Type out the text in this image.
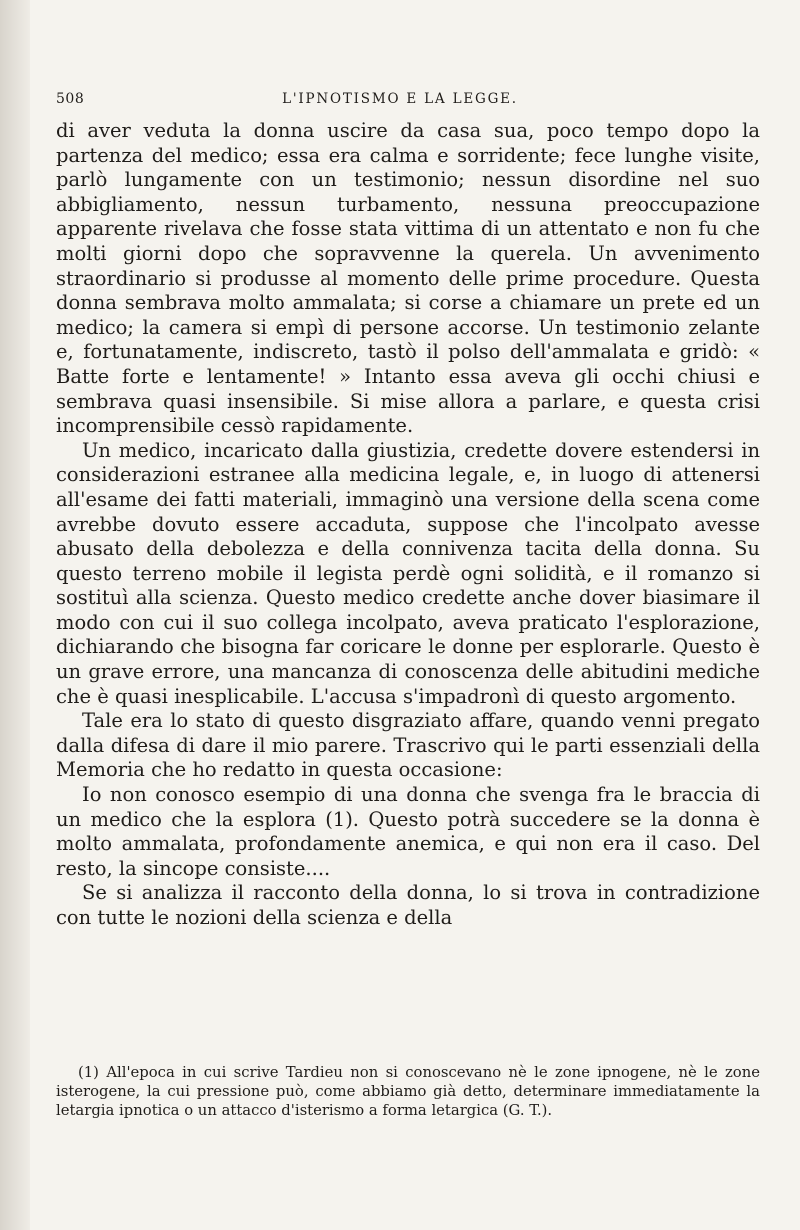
508	L'IPNOTISMO E LA LEGGE.

di aver veduta la donna uscire da casa sua, poco tempo dopo la partenza del medico; essa era calma e sorridente; fece lunghe visite, parlò lungamente con un testimonio; nessun disordine nel suo abbigliamento, nessun turbamento, nessuna preoccupazione apparente rivelava che fosse stata vittima di un attentato e non fu che molti giorni dopo che sopravvenne la querela. Un avvenimento straordinario si produsse al momento delle prime procedure. Questa donna sembrava molto ammalata; si corse a chiamare un prete ed un medico; la camera si empì di persone accorse. Un testimonio zelante e, fortunatamente, indiscreto, tastò il polso dell'ammalata e gridò: « Batte forte e lentamente! » Intanto essa aveva gli occhi chiusi e sembrava quasi insensibile. Si mise allora a parlare, e questa crisi incomprensibile cessò rapidamente.

Un medico, incaricato dalla giustizia, credette dovere estendersi in considerazioni estranee alla medicina legale, e, in luogo di attenersi all'esame dei fatti materiali, immaginò una versione della scena come avrebbe dovuto essere accaduta, suppose che l'incolpato avesse abusato della debolezza e della connivenza tacita della donna. Su questo terreno mobile il legista perdè ogni solidità, e il romanzo si sostituì alla scienza. Questo medico credette anche dover biasimare il modo con cui il suo collega incolpato, aveva praticato l'esplorazione, dichiarando che bisogna far coricare le donne per esplorarle. Questo è un grave errore, una mancanza di conoscenza delle abitudini mediche che è quasi inesplicabile. L'accusa s'impadronì di questo argomento.

Tale era lo stato di questo disgraziato affare, quando venni pregato dalla difesa di dare il mio parere. Trascrivo qui le parti essenziali della Memoria che ho redatto in questa occasione:

Io non conosco esempio di una donna che svenga fra le braccia di un medico che la esplora (1). Questo potrà succedere se la donna è molto ammalata, profondamente anemica, e qui non era il caso. Del resto, la sincope consiste....

Se si analizza il racconto della donna, lo si trova in contradizione con tutte le nozioni della scienza e della

(1) All'epoca in cui scrive Tardieu non si conoscevano nè le zone ipnogene, nè le zone isterogene, la cui pressione può, come abbiamo già detto, determinare immediatamente la letargia ipnotica o un attacco d'isterismo a forma letargica (G. T.).
